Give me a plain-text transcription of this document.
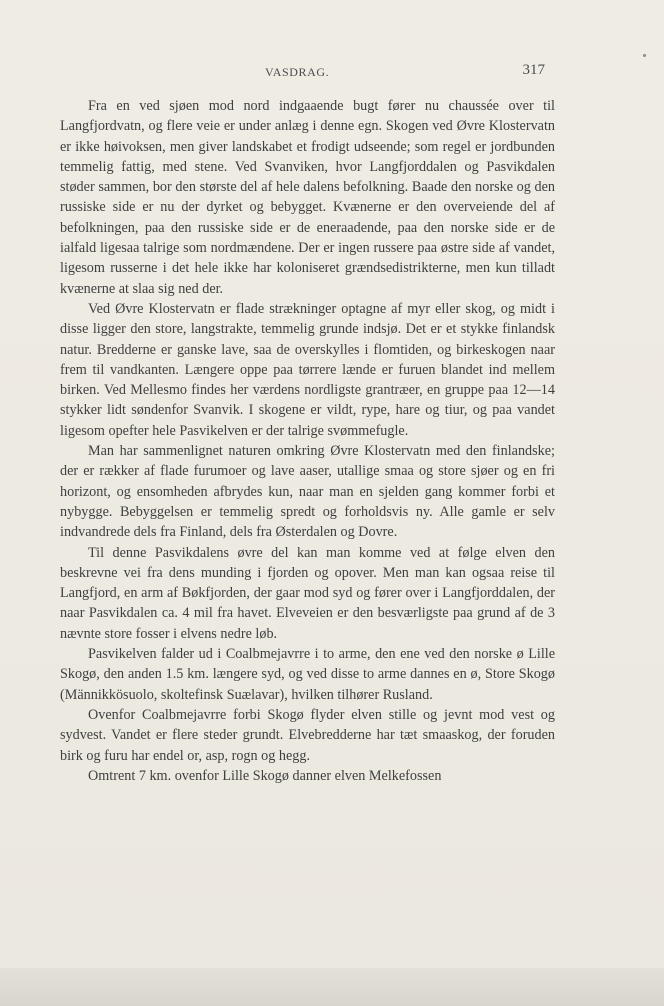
VASDRAG.	317

Fra en ved sjøen mod nord indgaaende bugt fører nu chaussée over til Langfjordvatn, og flere veie er under anlæg i denne egn. Skogen ved Øvre Klostervatn er ikke høivoksen, men giver landskabet et frodigt udseende; som regel er jordbunden temmelig fattig, med stene. Ved Svanviken, hvor Langfjorddalen og Pasvikdalen støder sammen, bor den største del af hele dalens befolkning. Baade den norske og den russiske side er nu der dyrket og bebygget. Kvænerne er den overveiende del af befolkningen, paa den russiske side er de eneraadende, paa den norske side er de ialfald ligesaa talrige som nordmændene. Der er ingen russere paa østre side af vandet, ligesom russerne i det hele ikke har koloniseret grændsedistrikterne, men kun tilladt kvænerne at slaa sig ned der.

Ved Øvre Klostervatn er flade strækninger optagne af myr eller skog, og midt i disse ligger den store, langstrakte, temmelig grunde indsjø. Det er et stykke finlandsk natur. Bredderne er ganske lave, saa de overskylles i flomtiden, og birkeskogen naar frem til vandkanten. Længere oppe paa tørrere lænde er furuen blandet ind mellem birken. Ved Mellesmo findes her værdens nordligste grantræer, en gruppe paa 12—14 stykker lidt søndenfor Svanvik. I skogene er vildt, rype, hare og tiur, og paa vandet ligesom opefter hele Pasvikelven er der talrige svømmefugle.

Man har sammenlignet naturen omkring Øvre Klostervatn med den finlandske; der er rækker af flade furumoer og lave aaser, utallige smaa og store sjøer og en fri horizont, og ensomheden afbrydes kun, naar man en sjelden gang kommer forbi et nybygge. Bebyggelsen er temmelig spredt og forholdsvis ny. Alle gamle er selv indvandrede dels fra Finland, dels fra Østerdalen og Dovre.

Til denne Pasvikdalens øvre del kan man komme ved at følge elven den beskrevne vei fra dens munding i fjorden og opover. Men man kan ogsaa reise til Langfjord, en arm af Bøkfjorden, der gaar mod syd og fører over i Langfjorddalen, der naar Pasvikdalen ca. 4 mil fra havet. Elveveien er den besværligste paa grund af de 3 nævnte store fosser i elvens nedre løb.

Pasvikelven falder ud i Coalbmejavrre i to arme, den ene ved den norske ø Lille Skogø, den anden 1.5 km. længere syd, og ved disse to arme dannes en ø, Store Skogø (Männikkösuolo, skoltefinsk Suælavar), hvilken tilhører Rusland.

Ovenfor Coalbmejavrre forbi Skogø flyder elven stille og jevnt mod vest og sydvest. Vandet er flere steder grundt. Elvebredderne har tæt smaaskog, der foruden birk og furu har endel or, asp, rogn og hegg.

Omtrent 7 km. ovenfor Lille Skogø danner elven Melkefossen
